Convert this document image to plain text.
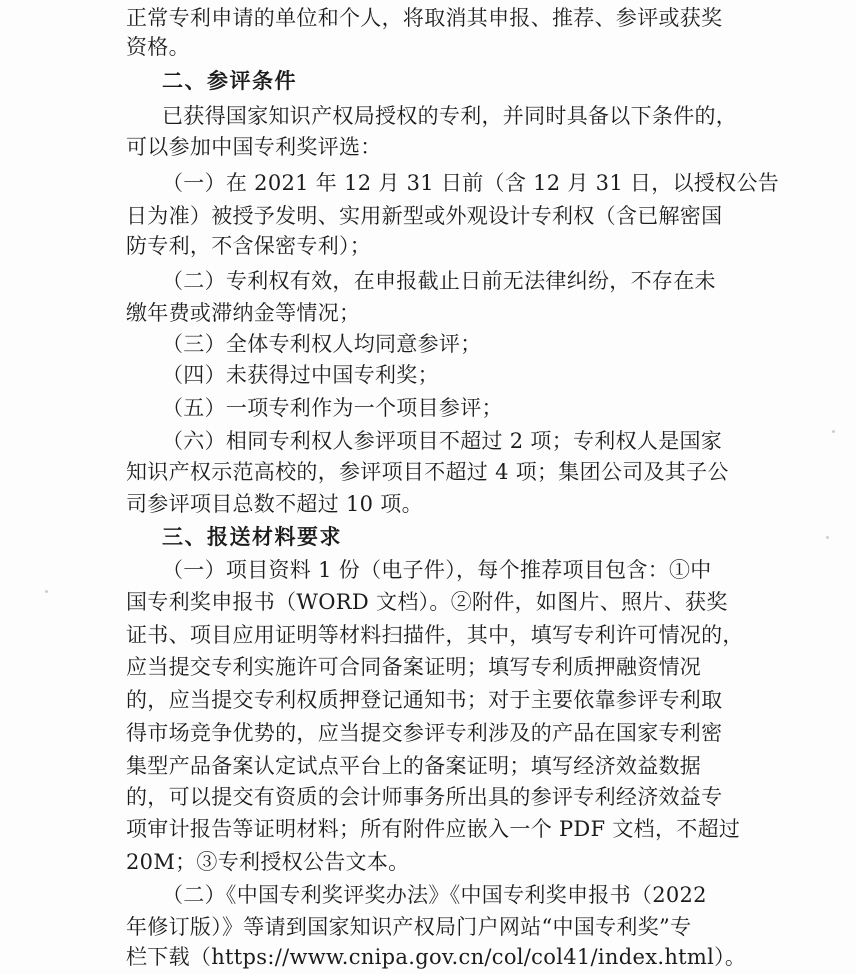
正常专利申请的单位和个人，将取消其申报、推荐、参评或获奖
资格。
二、参评条件
已获得国家知识产权局授权的专利，并同时具备以下条件的，
可以参加中国专利奖评选：
（一）在 2021 年 12 月 31 日前（含 12 月 31 日，以授权公告
日为准）被授予发明、实用新型或外观设计专利权（含已解密国
防专利，不含保密专利）；
（二）专利权有效，在申报截止日前无法律纠纷，不存在未
缴年费或滞纳金等情况；
（三）全体专利权人均同意参评；
（四）未获得过中国专利奖；
（五）一项专利作为一个项目参评；
（六）相同专利权人参评项目不超过 2 项；专利权人是国家
知识产权示范高校的，参评项目不超过 4 项；集团公司及其子公
司参评项目总数不超过 10 项。
三、报送材料要求
（一）项目资料 1 份（电子件），每个推荐项目包含：①中
国专利奖申报书（WORD 文档）。②附件，如图片、照片、获奖
证书、项目应用证明等材料扫描件，其中，填写专利许可情况的，
应当提交专利实施许可合同备案证明；填写专利质押融资情况
的，应当提交专利权质押登记通知书；对于主要依靠参评专利取
得市场竞争优势的，应当提交参评专利涉及的产品在国家专利密
集型产品备案认定试点平台上的备案证明；填写经济效益数据
的，可以提交有资质的会计师事务所出具的参评专利经济效益专
项审计报告等证明材料；所有附件应嵌入一个 PDF 文档，不超过
20M；③专利授权公告文本。
（二）《中国专利奖评奖办法》《中国专利奖申报书（2022
年修订版）》等请到国家知识产权局门户网站“中国专利奖”专
栏下载（https://www.cnipa.gov.cn/col/col41/index.html）。
